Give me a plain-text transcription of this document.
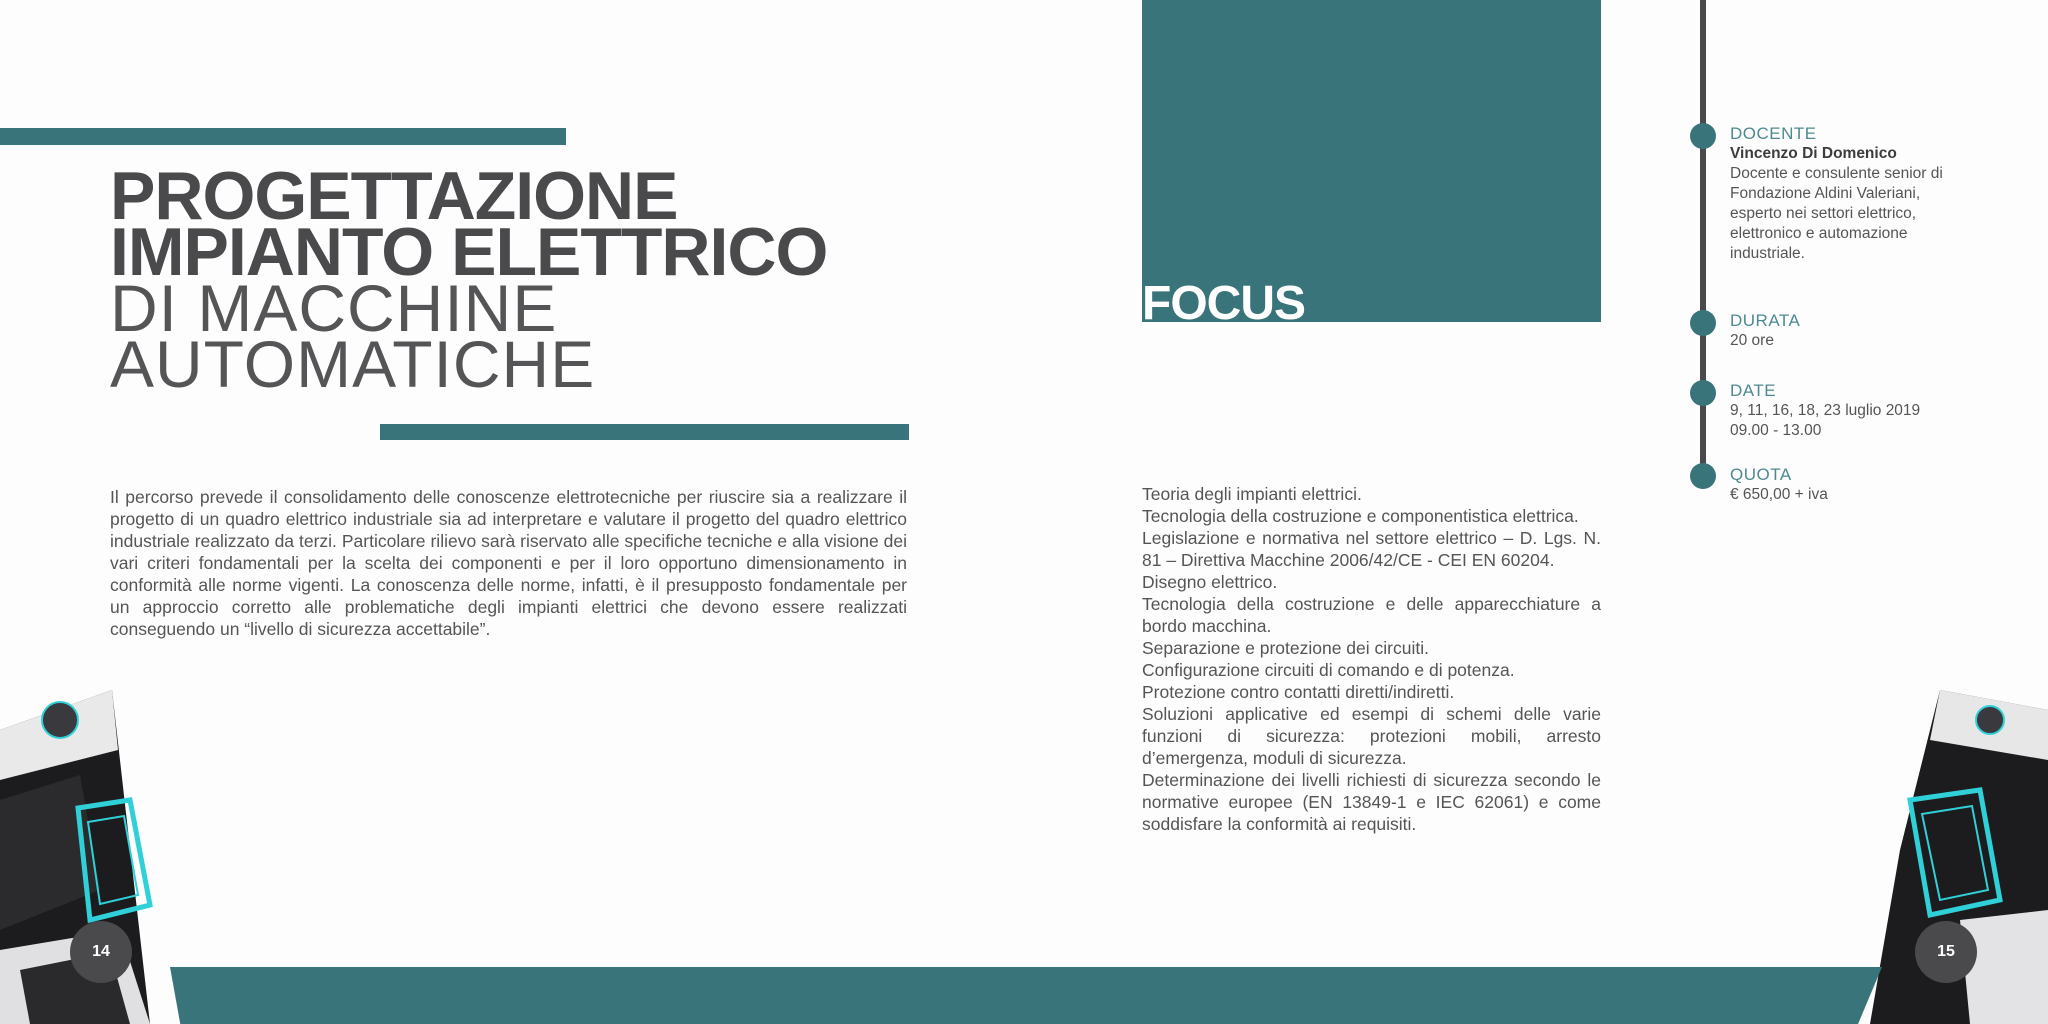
PROGETTAZIONE
IMPIANTO ELETTRICO
DI MACCHINE
AUTOMATICHE

Il percorso prevede il consolidamento delle conoscenze elettrotecniche per riuscire sia a realizzare il progetto di un quadro elettrico industriale sia ad interpretare e valutare il progetto del quadro elettrico industriale realizzato da terzi. Particolare rilievo sarà riservato alle specifiche tecniche e alla visione dei vari criteri fondamentali per la scelta dei componenti e per il loro opportuno dimensionamento in conformità alle norme vigenti. La conoscenza delle norme, infatti, è il presupposto fondamentale per un approccio corretto alle problematiche degli impianti elettrici che devono essere realizzati conseguendo un “livello di sicurezza accettabile”.

FOCUS
Teoria degli impianti elettrici.
Tecnologia della costruzione e componentistica elettrica.
Legislazione e normativa nel settore elettrico – D. Lgs. N. 81 – Direttiva Macchine 2006/42/CE - CEI EN 60204.
Disegno elettrico.
Tecnologia della costruzione e delle apparecchiature a bordo macchina.
Separazione e protezione dei circuiti.
Configurazione circuiti di comando e di potenza.
Protezione contro contatti diretti/indiretti.
Soluzioni applicative ed esempi di schemi delle varie funzioni di sicurezza: protezioni mobili, arresto d’emergenza, moduli di sicurezza.
Determinazione dei livelli richiesti di sicurezza secondo le normative europee (EN 13849-1 e IEC 62061) e come soddisfare la conformità ai requisiti.
DOCENTE
Vincenzo Di Domenico
Docente e consulente senior di Fondazione Aldini Valeriani, esperto nei settori elettrico, elettronico e automazione industriale.
DURATA
20 ore
DATE
9, 11, 16, 18, 23 luglio 2019
09.00 - 13.00
QUOTA
€ 650,00 + iva
14	15
